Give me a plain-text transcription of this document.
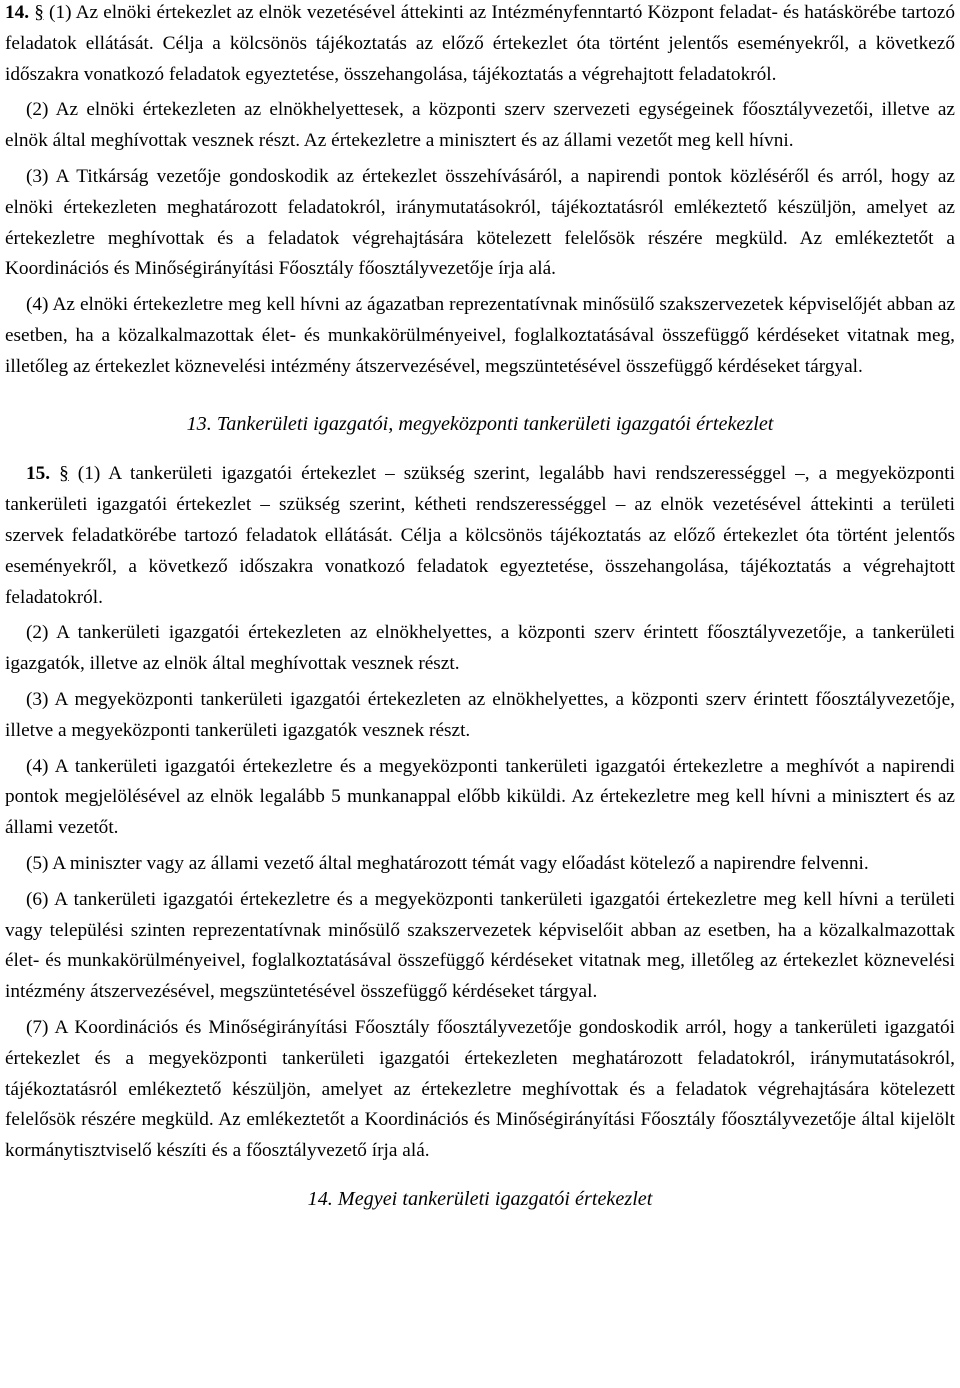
14. § (1) Az elnöki értekezlet az elnök vezetésével áttekinti az Intézményfenntartó Központ feladat- és hatáskörébe tartozó feladatok ellátását. Célja a kölcsönös tájékoztatás az előző értekezlet óta történt jelentős eseményekről, a következő időszakra vonatkozó feladatok egyeztetése, összehangolása, tájékoztatás a végrehajtott feladatokról.

(2) Az elnöki értekezleten az elnökhelyettesek, a központi szerv szervezeti egységeinek főosztályvezetői, illetve az elnök által meghívottak vesznek részt. Az értekezletre a minisztert és az állami vezetőt meg kell hívni.

(3) A Titkárság vezetője gondoskodik az értekezlet összehívásáról, a napirendi pontok közléséről és arról, hogy az elnöki értekezleten meghatározott feladatokról, iránymutatásokról, tájékoztatásról emlékeztető készüljön, amelyet az értekezletre meghívottak és a feladatok végrehajtására kötelezett felelősök részére megküld. Az emlékeztetőt a Koordinációs és Minőségirányítási Főosztály főosztályvezetője írja alá.

(4) Az elnöki értekezletre meg kell hívni az ágazatban reprezentatívnak minősülő szakszervezetek képviselőjét abban az esetben, ha a közalkalmazottak élet- és munkakörülményeivel, foglalkoztatásával összefüggő kérdéseket vitatnak meg, illetőleg az értekezlet köznevelési intézmény átszervezésével, megszüntetésével összefüggő kérdéseket tárgyal.

13. Tankerületi igazgatói, megyeközponti tankerületi igazgatói értekezlet

15. § (1) A tankerületi igazgatói értekezlet – szükség szerint, legalább havi rendszerességgel –, a megyeközponti tankerületi igazgatói értekezlet – szükség szerint, kétheti rendszerességgel – az elnök vezetésével áttekinti a területi szervek feladatkörébe tartozó feladatok ellátását. Célja a kölcsönös tájékoztatás az előző értekezlet óta történt jelentős eseményekről, a következő időszakra vonatkozó feladatok egyeztetése, összehangolása, tájékoztatás a végrehajtott feladatokról.

(2) A tankerületi igazgatói értekezleten az elnökhelyettes, a központi szerv érintett főosztályvezetője, a tankerületi igazgatók, illetve az elnök által meghívottak vesznek részt.

(3) A megyeközponti tankerületi igazgatói értekezleten az elnökhelyettes, a központi szerv érintett főosztályvezetője, illetve a megyeközponti tankerületi igazgatók vesznek részt.

(4) A tankerületi igazgatói értekezletre és a megyeközponti tankerületi igazgatói értekezletre a meghívót a napirendi pontok megjelölésével az elnök legalább 5 munkanappal előbb kiküldi. Az értekezletre meg kell hívni a minisztert és az állami vezetőt.

(5) A miniszter vagy az állami vezető által meghatározott témát vagy előadást kötelező a napirendre felvenni.

(6) A tankerületi igazgatói értekezletre és a megyeközponti tankerületi igazgatói értekezletre meg kell hívni a területi vagy települési szinten reprezentatívnak minősülő szakszervezetek képviselőit abban az esetben, ha a közalkalmazottak élet- és munkakörülményeivel, foglalkoztatásával összefüggő kérdéseket vitatnak meg, illetőleg az értekezlet köznevelési intézmény átszervezésével, megszüntetésével összefüggő kérdéseket tárgyal.

(7) A Koordinációs és Minőségirányítási Főosztály főosztályvezetője gondoskodik arról, hogy a tankerületi igazgatói értekezlet és a megyeközponti tankerületi igazgatói értekezleten meghatározott feladatokról, iránymutatásokról, tájékoztatásról emlékeztető készüljön, amelyet az értekezletre meghívottak és a feladatok végrehajtására kötelezett felelősök részére megküld. Az emlékeztetőt a Koordinációs és Minőségirányítási Főosztály főosztályvezetője által kijelölt kormánytisztviselő készíti és a főosztályvezető írja alá.

14. Megyei tankerületi igazgatói értekezlet
